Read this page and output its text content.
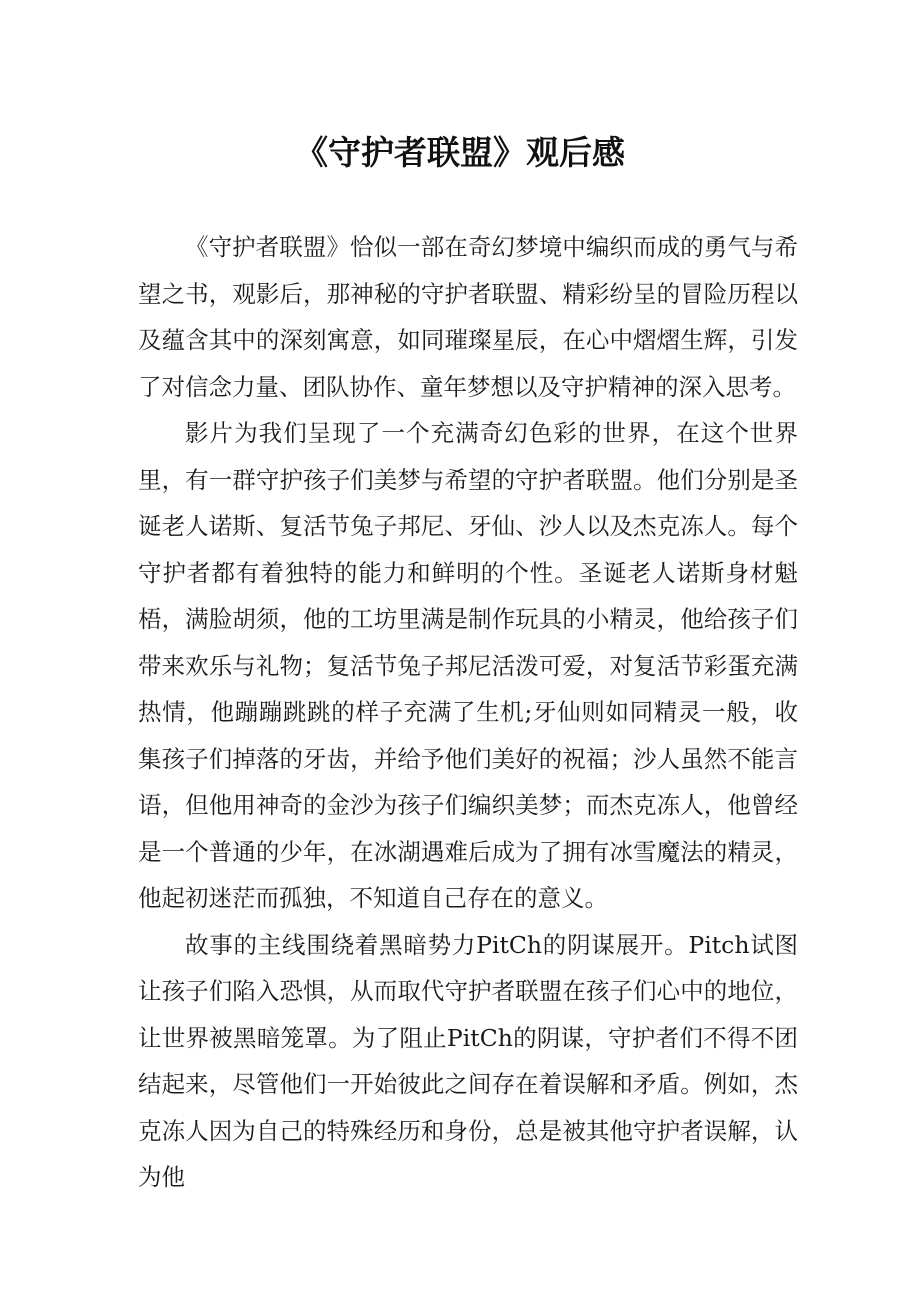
《守护者联盟》观后感

《守护者联盟》恰似一部在奇幻梦境中编织而成的勇气与希望之书，观影后，那神秘的守护者联盟、精彩纷呈的冒险历程以及蕴含其中的深刻寓意，如同璀璨星辰，在心中熠熠生辉，引发了对信念力量、团队协作、童年梦想以及守护精神的深入思考。

影片为我们呈现了一个充满奇幻色彩的世界，在这个世界里，有一群守护孩子们美梦与希望的守护者联盟。他们分别是圣诞老人诺斯、复活节兔子邦尼、牙仙、沙人以及杰克冻人。每个守护者都有着独特的能力和鲜明的个性。圣诞老人诺斯身材魁梧，满脸胡须，他的工坊里满是制作玩具的小精灵，他给孩子们带来欢乐与礼物；复活节兔子邦尼活泼可爱，对复活节彩蛋充满热情，他蹦蹦跳跳的样子充满了生机;牙仙则如同精灵一般，收集孩子们掉落的牙齿，并给予他们美好的祝福；沙人虽然不能言语，但他用神奇的金沙为孩子们编织美梦；而杰克冻人，他曾经是一个普通的少年，在冰湖遇难后成为了拥有冰雪魔法的精灵，他起初迷茫而孤独，不知道自己存在的意义。

故事的主线围绕着黑暗势力PitCh的阴谋展开。Pitch试图让孩子们陷入恐惧，从而取代守护者联盟在孩子们心中的地位，让世界被黑暗笼罩。为了阻止PitCh的阴谋，守护者们不得不团结起来，尽管他们一开始彼此之间存在着误解和矛盾。例如，杰克冻人因为自己的特殊经历和身份，总是被其他守护者误解，认为他
